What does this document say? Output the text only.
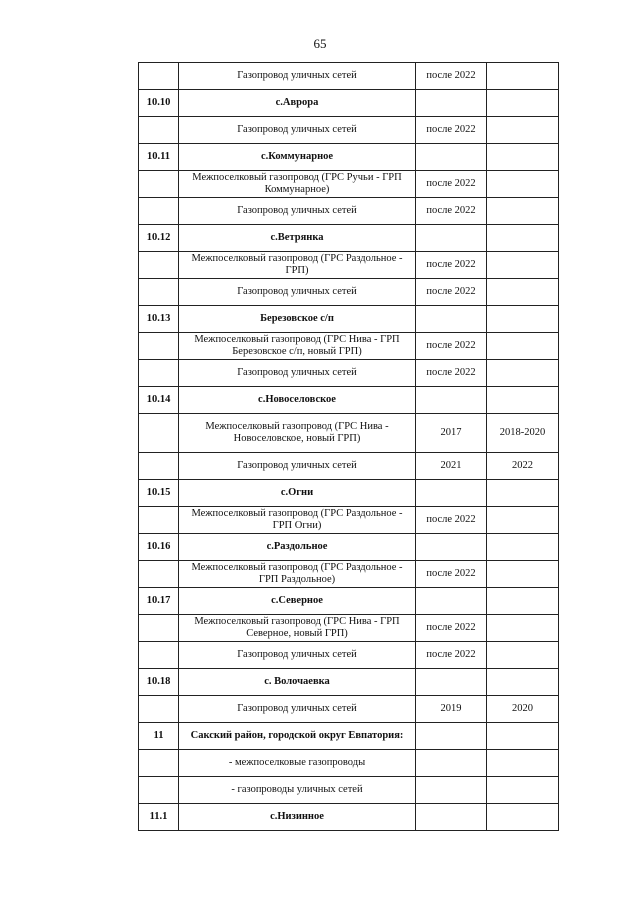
65
	Газопровод уличных сетей	после 2022	
10.10	с.Аврора		
	Газопровод уличных сетей	после 2022	
10.11	с.Коммунарное		
	Межпоселковый газопровод (ГРС Ручьи - ГРП Коммунарное)	после 2022	
	Газопровод уличных сетей	после 2022	
10.12	с.Ветрянка		
	Межпоселковый газопровод (ГРС Раздольное - ГРП)	после 2022	
	Газопровод уличных сетей	после 2022	
10.13	Березовское с/п		
	Межпоселковый газопровод (ГРС Нива - ГРП Березовское с/п, новый ГРП)	после 2022	
	Газопровод уличных сетей	после 2022	
10.14	с.Новоселовское		
	Межпоселковый газопровод (ГРС Нива - Новоселовское, новый ГРП)	2017	2018-2020
	Газопровод уличных сетей	2021	2022
10.15	с.Огни		
	Межпоселковый газопровод (ГРС Раздольное - ГРП Огни)	после 2022	
10.16	с.Раздольное		
	Межпоселковый газопровод (ГРС Раздольное - ГРП Раздольное)	после 2022	
10.17	с.Северное		
	Межпоселковый газопровод (ГРС Нива - ГРП Северное, новый ГРП)	после 2022	
	Газопровод уличных сетей	после 2022	
10.18	с. Волочаевка		
	Газопровод уличных сетей	2019	2020
11	Сакский район, городской округ Евпатория:		
	- межпоселковые газопроводы		
	- газопроводы уличных сетей		
11.1	с.Низинное		
